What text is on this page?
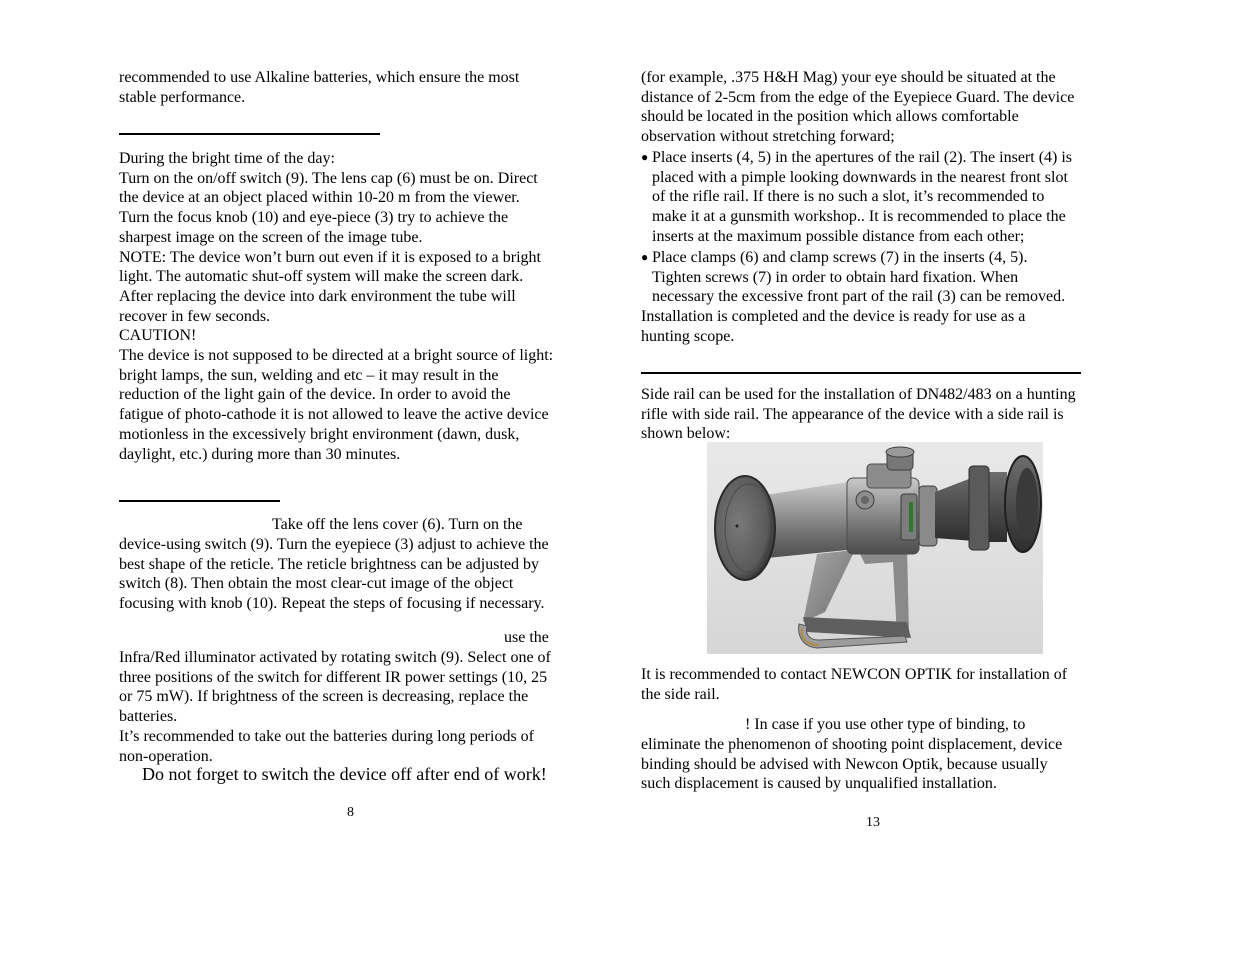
recommended to use Alkaline batteries, which ensure the most
stable performance.
During the bright time of the day:
Turn on the on/off switch (9). The lens cap (6) must be on. Direct
the device at an object placed within 10-20 m from the viewer.
Turn the focus knob (10) and eye-piece (3) try to achieve the
sharpest image on the screen of the image tube.
NOTE: The device won’t burn out even if it is exposed to a bright
light. The automatic shut-off system will make the screen dark.
After replacing the device into dark environment the tube will
recover in few seconds.
CAUTION!
The device is not supposed to be directed at a bright source of light:
bright lamps, the sun, welding and etc – it may result in the
reduction of the light gain of the device. In order to avoid the
fatigue of photo-cathode it is not allowed to leave the active device
motionless in the excessively bright environment (dawn, dusk,
daylight, etc.) during more than 30 minutes.
Take off the lens cover (6). Turn on the
device-using switch (9). Turn the eyepiece (3) adjust to achieve the
best shape of the reticle. The reticle brightness can be adjusted by
switch (8). Then obtain the most clear-cut image of the object
focusing with knob (10). Repeat the steps of focusing if necessary.
use the
Infra/Red illuminator activated by rotating switch (9). Select one of
three positions of the switch for different IR power settings (10, 25
or 75 mW). If brightness of the screen is decreasing, replace the
batteries.
It’s recommended to take out the batteries during long periods of
non-operation.
Do not forget to switch the device off after end of work!
8
(for example, .375 H&H Mag) your eye should be situated at the
distance of 2-5cm from the edge of the Eyepiece Guard. The device
should be located in the position which allows comfortable
observation without stretching forward;
● Place inserts (4, 5) in the apertures of the rail (2). The insert (4) is
placed with a pimple looking downwards in the nearest front slot
of the rifle rail. If there is no such a slot, it’s recommended to
make it at a gunsmith workshop.. It is recommended to place the
inserts at the maximum possible distance from each other;
● Place clamps (6) and clamp screws (7) in the inserts (4, 5).
Tighten screws (7) in order to obtain hard fixation. When
necessary the excessive front part of the rail (3) can be removed.
Installation is completed and the device is ready for use as a
hunting scope.
Side rail can be used for the installation of DN482/483 on a hunting
rifle with side rail. The appearance of the device with a side rail is
shown below:
It is recommended to contact NEWCON OPTIK for installation of
the side rail.
! In case if you use other type of binding, to
eliminate the phenomenon of shooting point displacement, device
binding should be advised with Newcon Optik, because usually
such displacement is caused by unqualified installation.
13
